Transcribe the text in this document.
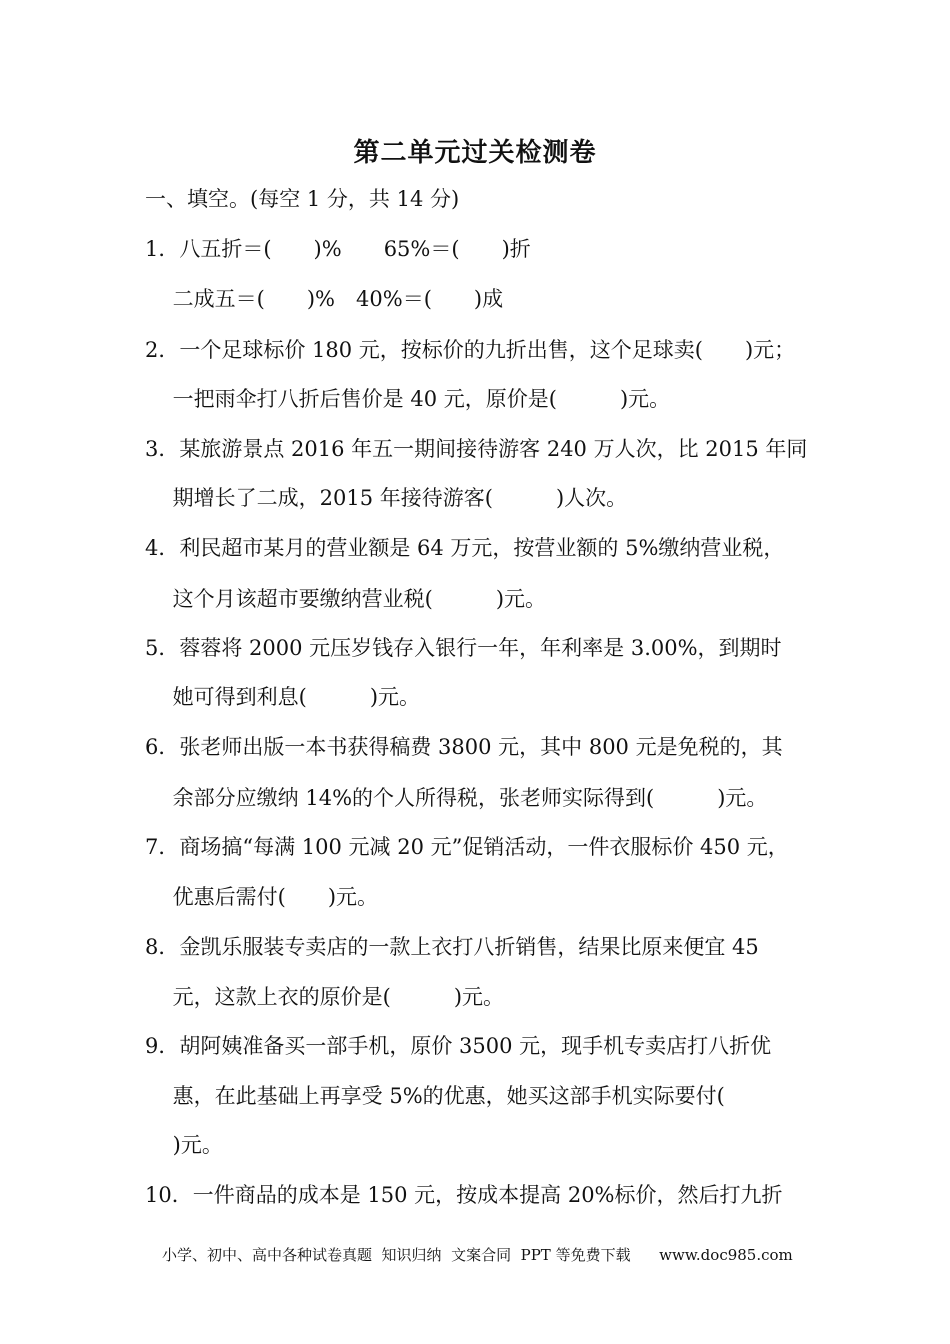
第二单元过关检测卷
一、填空。(每空 1 分，共 14 分)
1．八五折＝(　　)%　　65%＝(　　)折
　 二成五＝(　　)%　40%＝(　　)成
2．一个足球标价 180 元，按标价的九折出售，这个足球卖(　　)元；
　 一把雨伞打八折后售价是 40 元，原价是(　　　)元。
3．某旅游景点 2016 年五一期间接待游客 240 万人次，比 2015 年同
　 期增长了二成，2015 年接待游客(　　　)人次。
4．利民超市某月的营业额是 64 万元，按营业额的 5%缴纳营业税，
　 这个月该超市要缴纳营业税(　　　)元。
5．蓉蓉将 2000 元压岁钱存入银行一年，年利率是 3.00%，到期时
　 她可得到利息(　　　)元。
6．张老师出版一本书获得稿费 3800 元，其中 800 元是免税的，其
　 余部分应缴纳 14%的个人所得税，张老师实际得到(　　　)元。
7．商场搞“每满 100 元减 20 元”促销活动，一件衣服标价 450 元，
　 优惠后需付(　　)元。
8．金凯乐服装专卖店的一款上衣打八折销售，结果比原来便宜 45
　 元，这款上衣的原价是(　　　)元。
9．胡阿姨准备买一部手机，原价 3500 元，现手机专卖店打八折优
　 惠，在此基础上再享受 5%的优惠，她买这部手机实际要付(
　 )元。
10．一件商品的成本是 150 元，按成本提高 20%标价，然后打九折
小学、初中、高中各种试卷真题  知识归纳  文案合同  PPT 等免费下载      www.doc985.com
